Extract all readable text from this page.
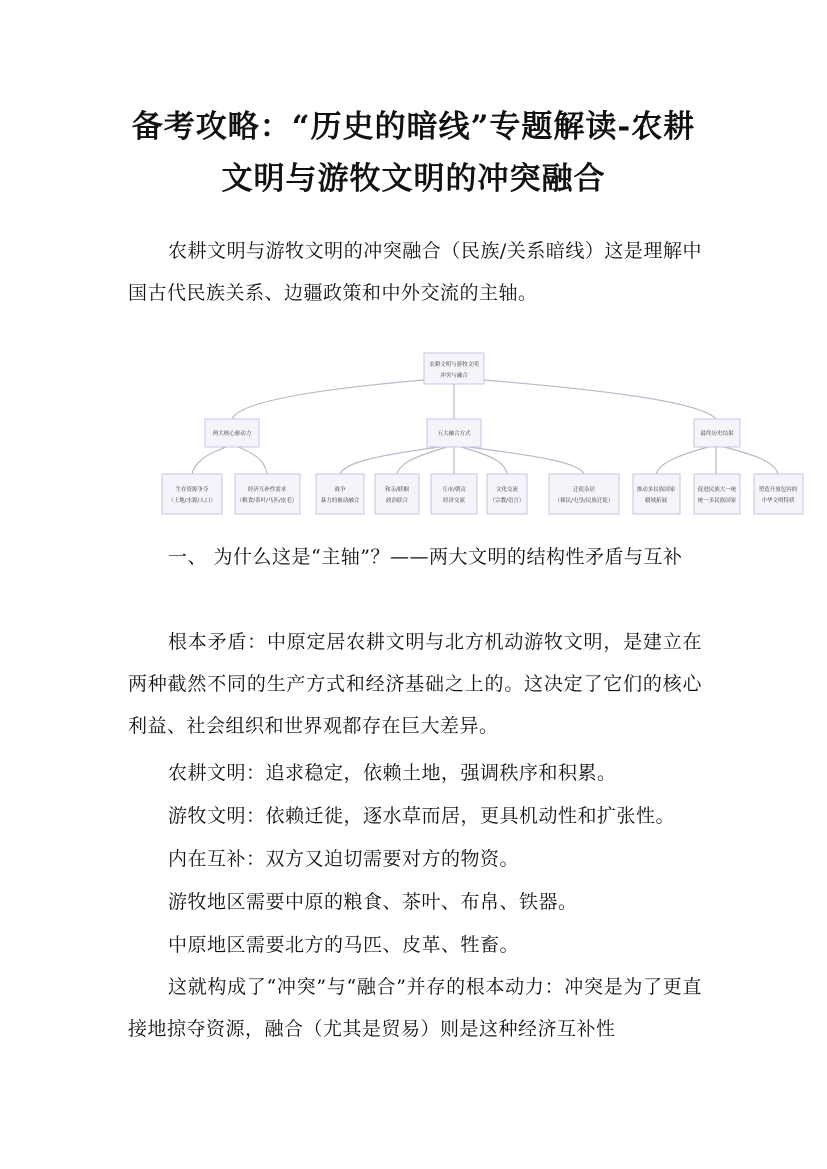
备考攻略：“历史的暗线”专题解读-农耕
文明与游牧文明的冲突融合

农耕文明与游牧文明的冲突融合（民族/关系暗线）这是理解中国古代民族关系、边疆政策和中外交流的主轴。

农耕文明与游牧文明
冲突与融合
两大核心驱动力	五大融合方式	最终历史结果
生存资源争夺
（土地/水源/人口）
经济互补性需求
（粮食/茶叶/马匹/皮毛）
战争
暴力的被动融合
和亲/联姻
政治联合
互市/朝贡
经济交流
文化交流
（宗教/语言）
迁徙杂居
（移民/屯垦/民族迁徙）
推动多民族国家
疆域拓展
促进民族大一统
统一多民族国家
塑造开放包容的
中华文明特质

一、 为什么这是“主轴”？——两大文明的结构性矛盾与互补

根本矛盾：中原定居农耕文明与北方机动游牧文明，是建立在两种截然不同的生产方式和经济基础之上的。这决定了它们的核心利益、社会组织和世界观都存在巨大差异。

农耕文明：追求稳定，依赖土地，强调秩序和积累。

游牧文明：依赖迁徙，逐水草而居，更具机动性和扩张性。

内在互补：双方又迫切需要对方的物资。

游牧地区需要中原的粮食、茶叶、布帛、铁器。

中原地区需要北方的马匹、皮革、牲畜。

这就构成了“冲突”与“融合”并存的根本动力：冲突是为了更直接地掠夺资源，融合（尤其是贸易）则是这种经济互补性
